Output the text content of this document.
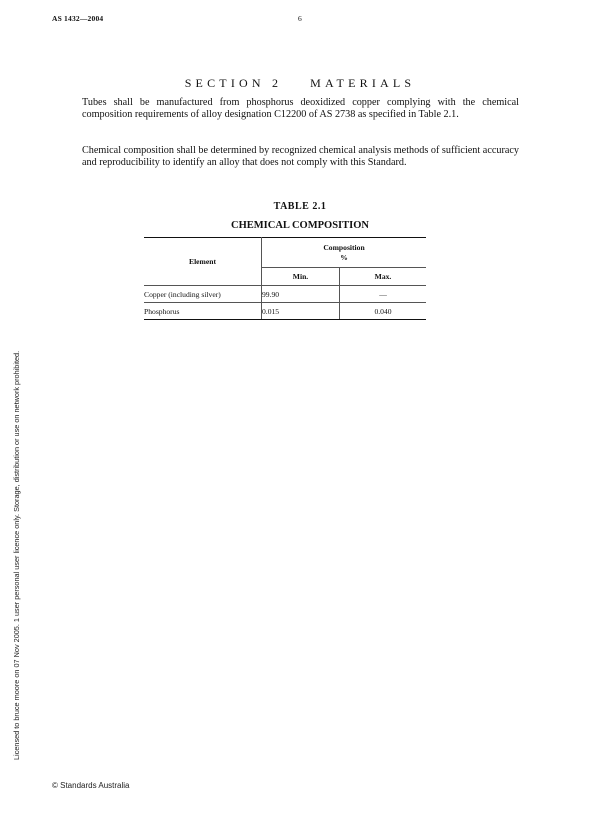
AS 1432—2004	6
SECTION 2 MATERIALS

Tubes shall be manufactured from phosphorus deoxidized copper complying with the chemical composition requirements of alloy designation C12200 of AS 2738 as specified in Table 2.1.

Chemical composition shall be determined by recognized chemical analysis methods of sufficient accuracy and reproducibility to identify an alloy that does not comply with this Standard.

TABLE 2.1
CHEMICAL COMPOSITION
Element	Composition
%	
	Min.	Max.
Copper (including silver)	99.90	—
Phosphorus	0.015	0.040
Licensed to bruce moore on 07 Nov 2005. 1 user personal user licence only. Storage, distribution or use on network prohibited.
© Standards Australia
